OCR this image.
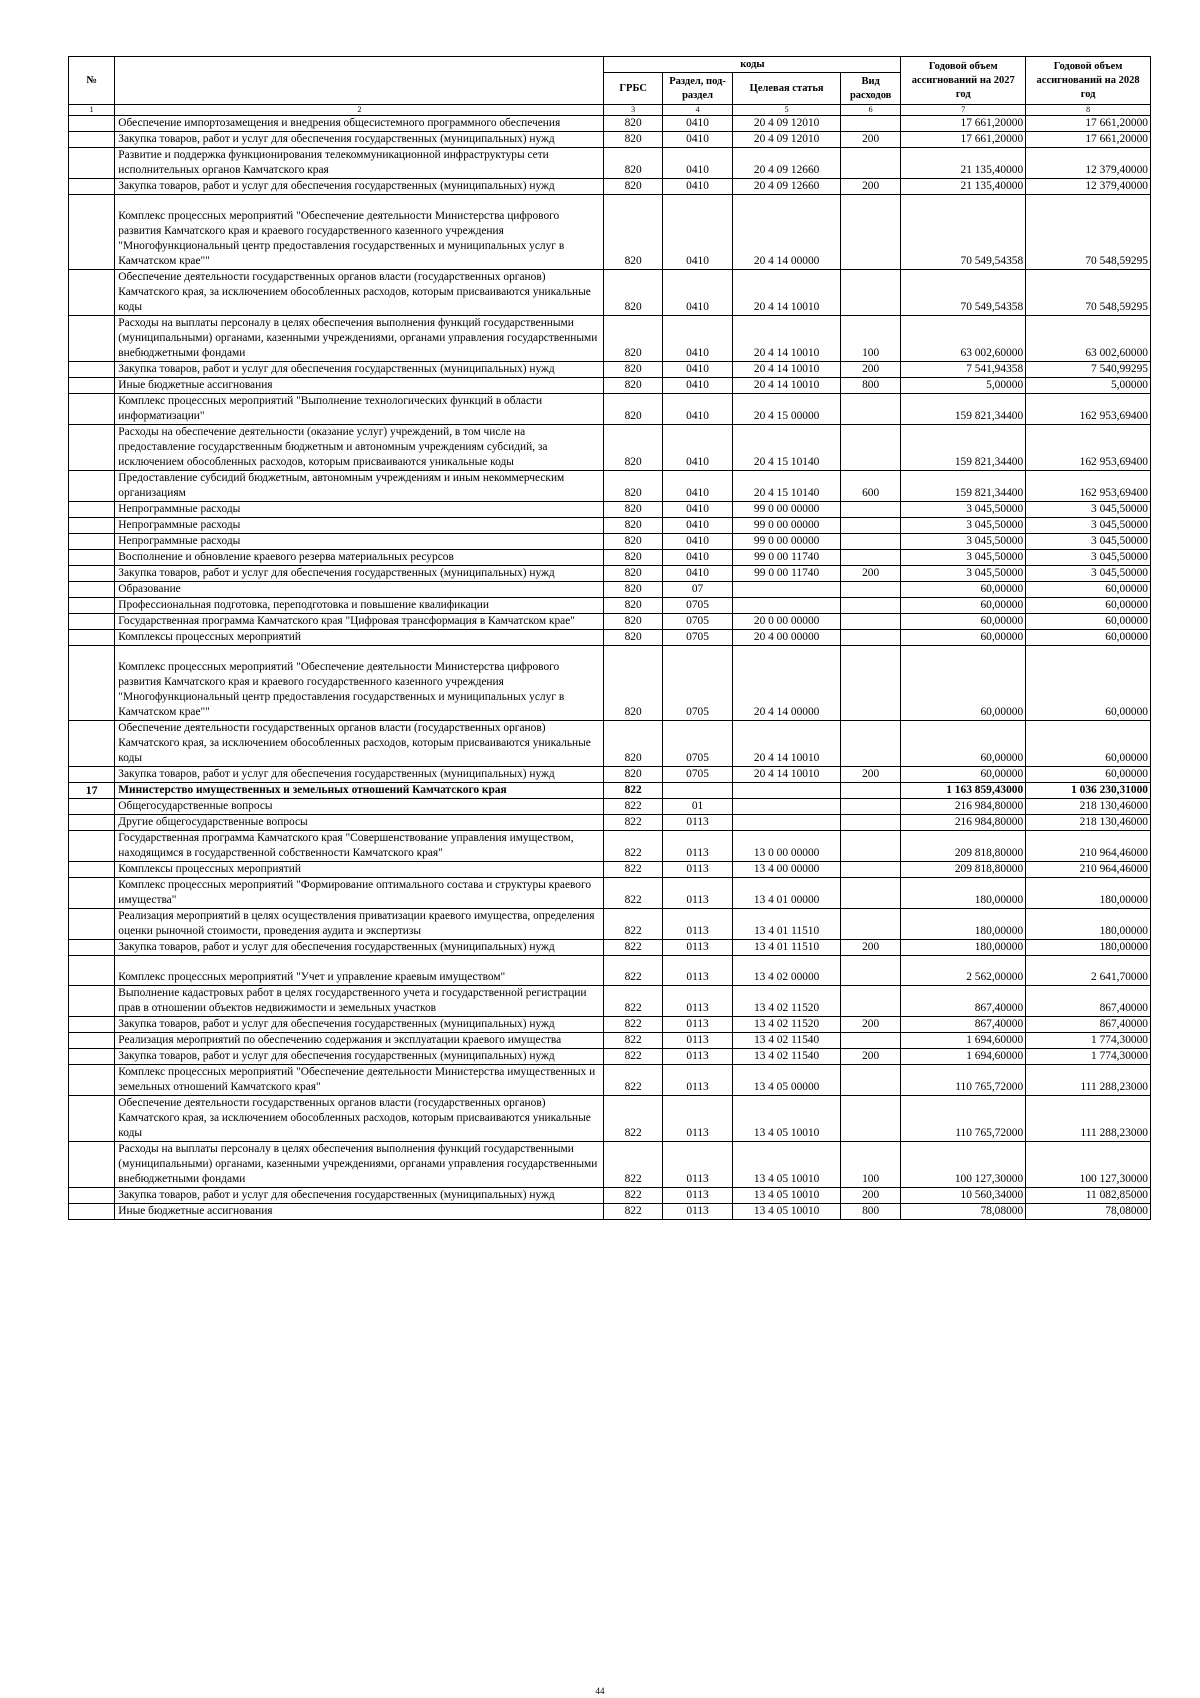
№		коды				Годовой объем ассигнований на 2027 год	Годовой объем ассигнований на 2028 год
		ГРБС	Раздел, под-раздел	Целевая статья	Вид расходов		
1	2	3	4	5	6	7	8
	Обеспечение импортозамещения и внедрения общесистемного программного обеспечения	820	0410	20 4 09 12010		17 661,20000	17 661,20000
	Закупка товаров, работ и услуг для обеспечения государственных (муниципальных) нужд	820	0410	20 4 09 12010	200	17 661,20000	17 661,20000
	Развитие и поддержка функционирования телекоммуникационной инфраструктуры сети исполнительных органов Камчатского края	820	0410	20 4 09 12660		21 135,40000	12 379,40000
	Закупка товаров, работ и услуг для обеспечения государственных (муниципальных) нужд	820	0410	20 4 09 12660	200	21 135,40000	12 379,40000
	Комплекс процессных мероприятий "Обеспечение деятельности Министерства цифрового развития Камчатского края и краевого государственного казенного учреждения "Многофункциональный центр предоставления государственных и муниципальных услуг в Камчатском крае""	820	0410	20 4 14 00000		70 549,54358	70 548,59295
	Обеспечение деятельности государственных органов власти (государственных органов) Камчатского края, за исключением обособленных расходов, которым присваиваются уникальные коды	820	0410	20 4 14 10010		70 549,54358	70 548,59295
	Расходы на выплаты персоналу в целях обеспечения выполнения функций государственными (муниципальными) органами, казенными учреждениями, органами управления государственными внебюджетными фондами	820	0410	20 4 14 10010	100	63 002,60000	63 002,60000
	Закупка товаров, работ и услуг для обеспечения государственных (муниципальных) нужд	820	0410	20 4 14 10010	200	7 541,94358	7 540,99295
	Иные бюджетные ассигнования	820	0410	20 4 14 10010	800	5,00000	5,00000
	Комплекс процессных мероприятий "Выполнение технологических функций в области информатизации"	820	0410	20 4 15 00000		159 821,34400	162 953,69400
	Расходы на обеспечение деятельности (оказание услуг) учреждений, в том числе на предоставление государственным бюджетным и автономным учреждениям субсидий, за исключением обособленных расходов, которым присваиваются уникальные коды	820	0410	20 4 15 10140		159 821,34400	162 953,69400
	Предоставление субсидий бюджетным, автономным учреждениям и иным некоммерческим организациям	820	0410	20 4 15 10140	600	159 821,34400	162 953,69400
	Непрограммные расходы	820	0410	99 0 00 00000		3 045,50000	3 045,50000
	Непрограммные расходы	820	0410	99 0 00 00000		3 045,50000	3 045,50000
	Непрограммные расходы	820	0410	99 0 00 00000		3 045,50000	3 045,50000
	Восполнение и обновление краевого резерва материальных ресурсов	820	0410	99 0 00 11740		3 045,50000	3 045,50000
	Закупка товаров, работ и услуг для обеспечения государственных (муниципальных) нужд	820	0410	99 0 00 11740	200	3 045,50000	3 045,50000
	Образование	820	07			60,00000	60,00000
	Профессиональная подготовка, переподготовка и повышение квалификации	820	0705			60,00000	60,00000
	Государственная программа Камчатского края "Цифровая трансформация в Камчатском крае"	820	0705	20 0 00 00000		60,00000	60,00000
	Комплексы процессных мероприятий	820	0705	20 4 00 00000		60,00000	60,00000
	Комплекс процессных мероприятий "Обеспечение деятельности Министерства цифрового развития Камчатского края и краевого государственного казенного учреждения "Многофункциональный центр предоставления государственных и муниципальных услуг в Камчатском крае""	820	0705	20 4 14 00000		60,00000	60,00000
	Обеспечение деятельности государственных органов власти (государственных органов) Камчатского края, за исключением обособленных расходов, которым присваиваются уникальные коды	820	0705	20 4 14 10010		60,00000	60,00000
	Закупка товаров, работ и услуг для обеспечения государственных (муниципальных) нужд	820	0705	20 4 14 10010	200	60,00000	60,00000
17	Министерство имущественных и земельных отношений Камчатского края	822				1 163 859,43000	1 036 230,31000
	Общегосударственные вопросы	822	01			216 984,80000	218 130,46000
	Другие общегосударственные вопросы	822	0113			216 984,80000	218 130,46000
	Государственная программа Камчатского края "Совершенствование управления имуществом, находящимся в государственной собственности Камчатского края"	822	0113	13 0 00 00000		209 818,80000	210 964,46000
	Комплексы процессных мероприятий	822	0113	13 4 00 00000		209 818,80000	210 964,46000
	Комплекс процессных мероприятий "Формирование оптимального состава и структуры краевого имущества"	822	0113	13 4 01 00000		180,00000	180,00000
	Реализация мероприятий в целях осуществления приватизации краевого имущества, определения оценки рыночной стоимости, проведения аудита и экспертизы	822	0113	13 4 01 11510		180,00000	180,00000
	Закупка товаров, работ и услуг для обеспечения государственных (муниципальных) нужд	822	0113	13 4 01 11510	200	180,00000	180,00000
	Комплекс процессных мероприятий "Учет и управление краевым имуществом"	822	0113	13 4 02 00000		2 562,00000	2 641,70000
	Выполнение кадастровых работ в целях государственного учета и государственной регистрации прав в отношении объектов недвижимости и земельных участков	822	0113	13 4 02 11520		867,40000	867,40000
	Закупка товаров, работ и услуг для обеспечения государственных (муниципальных) нужд	822	0113	13 4 02 11520	200	867,40000	867,40000
	Реализация мероприятий по обеспечению содержания и эксплуатации краевого имущества	822	0113	13 4 02 11540		1 694,60000	1 774,30000
	Закупка товаров, работ и услуг для обеспечения государственных (муниципальных) нужд	822	0113	13 4 02 11540	200	1 694,60000	1 774,30000
	Комплекс процессных мероприятий "Обеспечение деятельности Министерства имущественных и земельных отношений Камчатского края"	822	0113	13 4 05 00000		110 765,72000	111 288,23000
	Обеспечение деятельности государственных органов власти (государственных органов) Камчатского края, за исключением обособленных расходов, которым присваиваются уникальные коды	822	0113	13 4 05 10010		110 765,72000	111 288,23000
	Расходы на выплаты персоналу в целях обеспечения выполнения функций государственными (муниципальными) органами, казенными учреждениями, органами управления государственными внебюджетными фондами	822	0113	13 4 05 10010	100	100 127,30000	100 127,30000
	Закупка товаров, работ и услуг для обеспечения государственных (муниципальных) нужд	822	0113	13 4 05 10010	200	10 560,34000	11 082,85000
	Иные бюджетные ассигнования	822	0113	13 4 05 10010	800	78,08000	78,08000
44
